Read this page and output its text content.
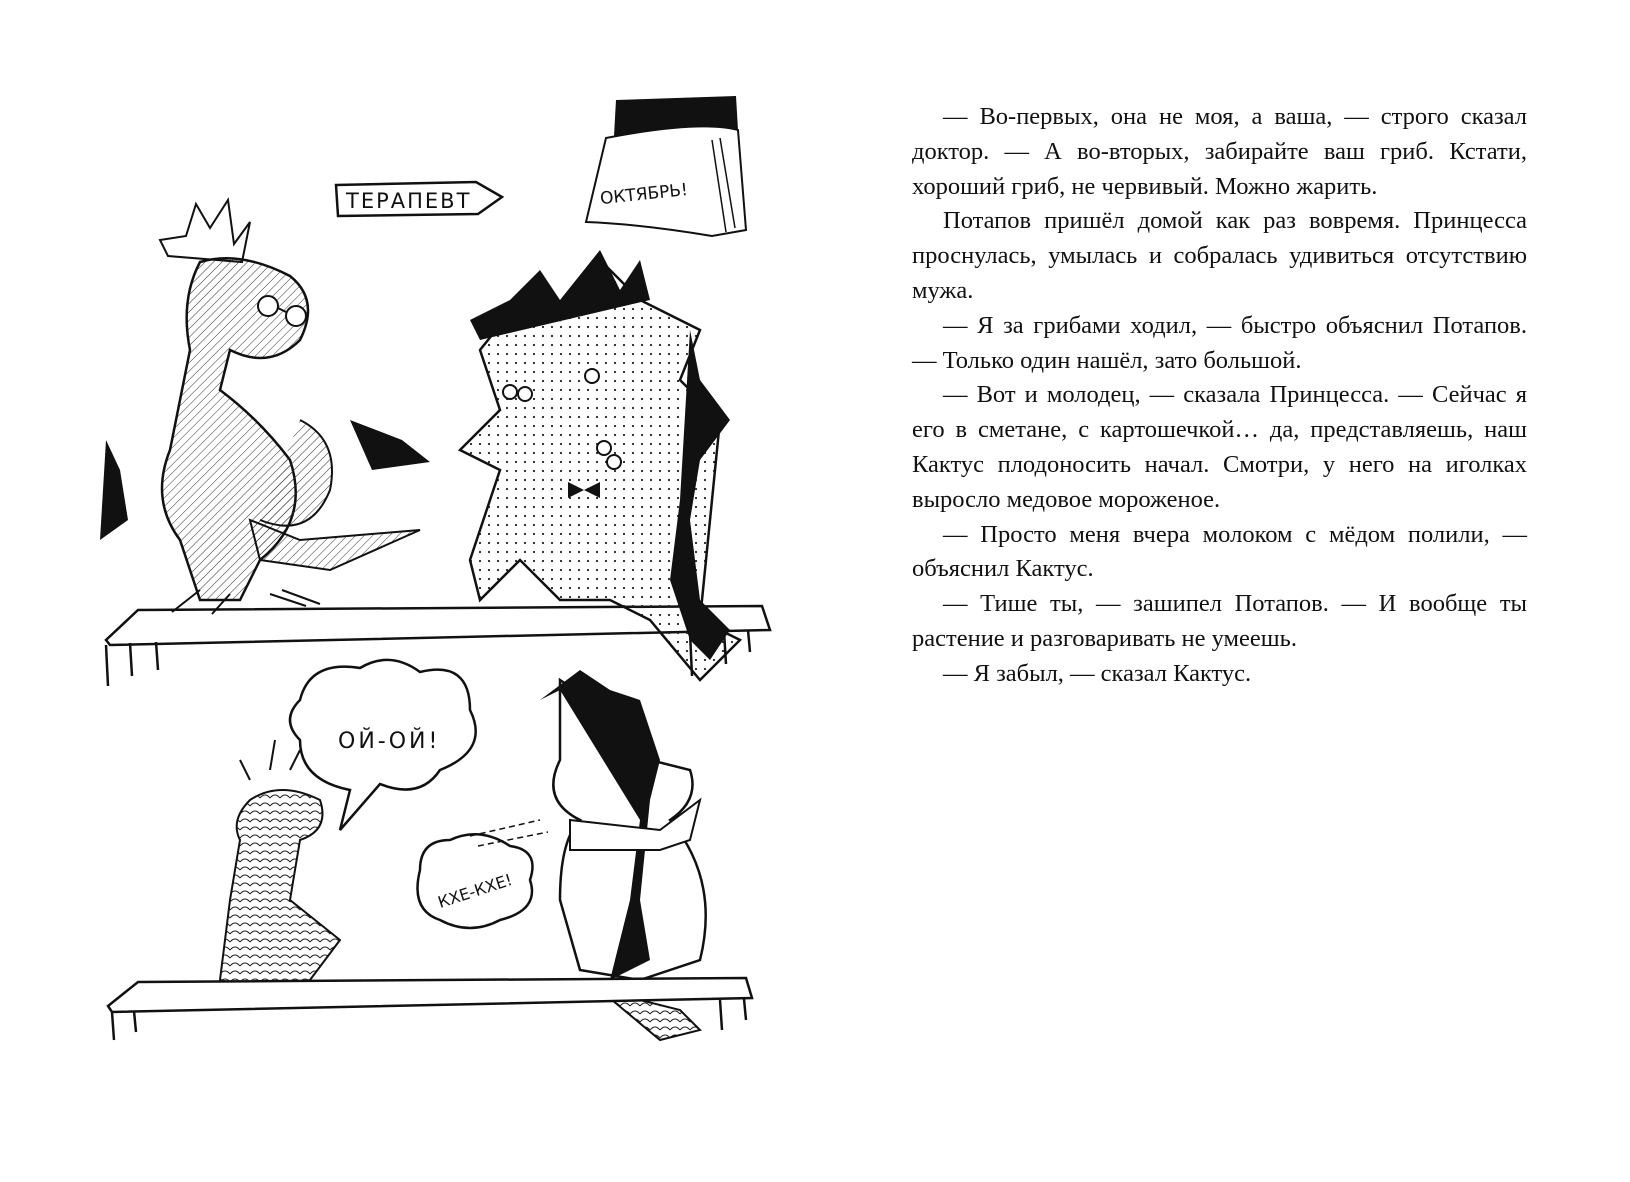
ТЕРАПЕВТ	ОКТЯБРЬ!
ОЙ-ОЙ!
КХЕ-КХЕ!

— Во-первых, она не моя, а ваша, — строго сказал доктор. — А во-вторых, забирайте ваш гриб. Кстати, хороший гриб, не червивый. Можно жарить.

Потапов пришёл домой как раз вовремя. Принцесса проснулась, умылась и собралась удивиться отсутствию мужа.

— Я за грибами ходил, — быстро объяснил Потапов. — Только один нашёл, зато большой.

— Вот и молодец, — сказала Принцесса. — Сейчас я его в сметане, с картошечкой… да, представляешь, наш Кактус плодоносить начал. Смотри, у него на иголках выросло медовое мороженое.

— Просто меня вчера молоком с мёдом полили, — объяснил Кактус.

— Тише ты, — зашипел Потапов. — И вообще ты растение и разговаривать не умеешь.

— Я забыл, — сказал Кактус.
